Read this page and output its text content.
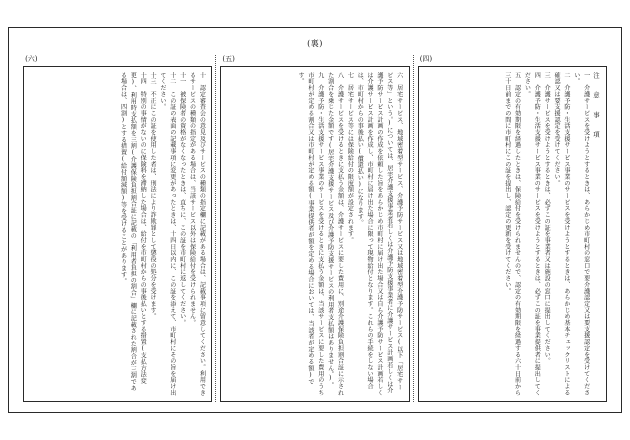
(裏)
(四)

注 意 事 項

一　介護サービスを受けようとするときは、あらかじめ市町村の窓口で要介護認定又は要支援認定を受けてください。

二　介護予防・生活支援サービス事業のサービスを受けようとするときは、あらかじめ基本チェックリストによる確認又は要支援認定を受けてください。

三　介護サービスを受けようとするときは、必ずこの証を事業者又は施設の窓口に提出してください。

四　介護予防・生活支援サービス事業のサービスを受けようとするときは、必ずこの証を事業提供者に提出してください。

五　認定の有効期限を経過したときは、保険給付を受けられませんので、認定の有効期限を経過する六十日前から三十日前までの間に市町村にこの証を提出し、認定の更新を受けてください。

(五)

六　居宅サービス、地域密着型サービス、介護予防サービス又は地域密着型介護予防サービス(以下「居宅サービス等」という。)については、居宅介護支援事業者若しくは介護予防支援事業者に介護サービス計画若しくは介護予防サービス計画の作成を依頼した旨をあらかじめ市町村に届け出た場合又は自ら介護予防サービス計画若しくは介護サービス計画を作成し、市町村に届け出た場合に限って現物給付となります。これらの手続をしない場合は、市町村からの事後払い(償還払い)になります。

七　居宅サービス等には保険給付の限度額が設定されます。

八　介護サービスを受けるときに支払う金額は、介護サービスに要した費用に、別途介護保険負担割合証に示された割合を乗じた金額です(居宅介護支援サービス及び介護予防支援サービスの利用者支払額はありません。)。

九　介護予防・生活支援サービス事業のサービスを受けるときに支払う金額は、当該サービスに要した費用のうち市町村が定める割合又は市町村が定める額(事業提供者が額を定める場合においては、当該者が定める額)です。

(六)

十　認定審査会の意見及びサービスの種類の指定欄に記載がある場合は、記載事項に留意してください。利用できるサービスの種類の指定がある場合は、当該サービス以外は保険給付を受けられません。

十一　被保険者の資格がなくなったときは、直ちに、この証を市町村に返してください。

十二　この証の表面の記載事項に変更があったときは、十四日以内に、この証を添えて、市町村にその旨を届け出てください。

十三　不正にこの証を使用した者は、刑法により詐欺罪として懲役の処分を受けます。

十四　特別の事情がないのに保険料を滞納した場合は、給付を市町村からの事後払いとする措置(支払方法変更)、利用時支払額を三割(介護保険負担割合証に記載の「利用者負担の割合」欄に記載された割合が三割である場合は、四割)とする措置(給付額減額)等を受けることがあります。
